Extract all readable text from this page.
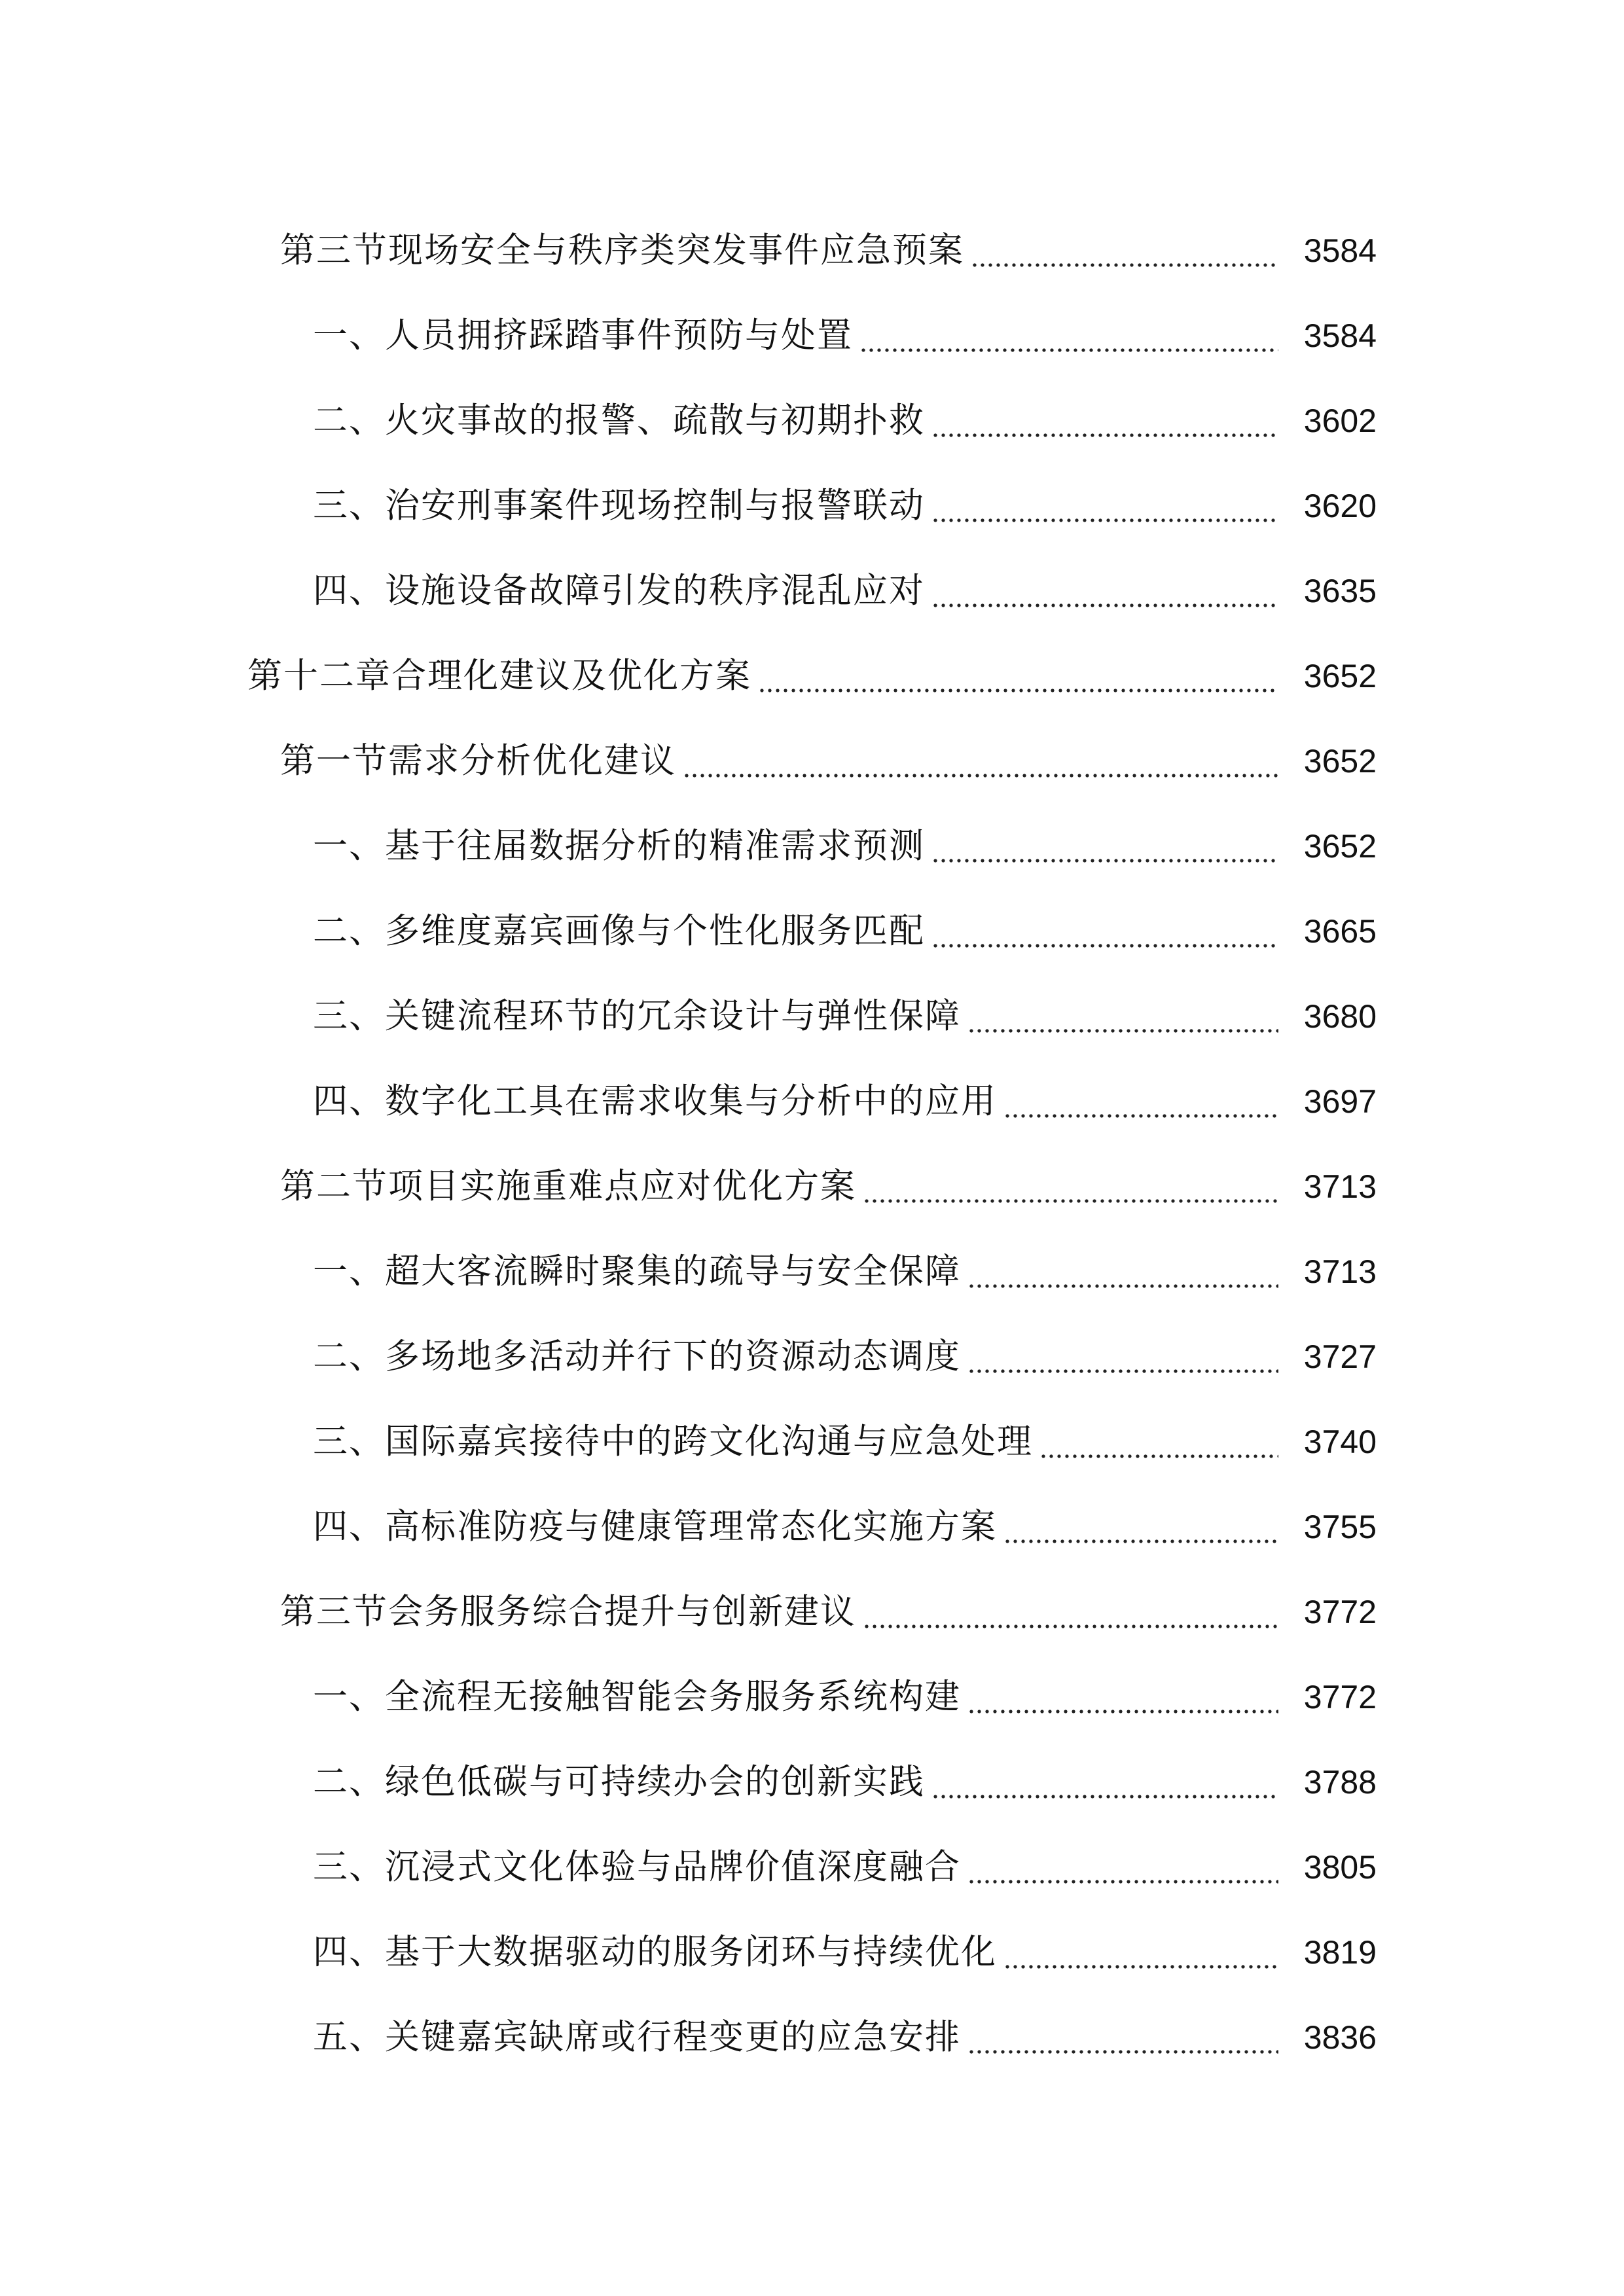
第三节现场安全与秩序类突发事件应急预案	3584
一、人员拥挤踩踏事件预防与处置	3584
二、火灾事故的报警、疏散与初期扑救	3602
三、治安刑事案件现场控制与报警联动	3620
四、设施设备故障引发的秩序混乱应对	3635
第十二章合理化建议及优化方案	3652
第一节需求分析优化建议	3652
一、基于往届数据分析的精准需求预测	3652
二、多维度嘉宾画像与个性化服务匹配	3665
三、关键流程环节的冗余设计与弹性保障	3680
四、数字化工具在需求收集与分析中的应用	3697
第二节项目实施重难点应对优化方案	3713
一、超大客流瞬时聚集的疏导与安全保障	3713
二、多场地多活动并行下的资源动态调度	3727
三、国际嘉宾接待中的跨文化沟通与应急处理	3740
四、高标准防疫与健康管理常态化实施方案	3755
第三节会务服务综合提升与创新建议	3772
一、全流程无接触智能会务服务系统构建	3772
二、绿色低碳与可持续办会的创新实践	3788
三、沉浸式文化体验与品牌价值深度融合	3805
四、基于大数据驱动的服务闭环与持续优化	3819
五、关键嘉宾缺席或行程变更的应急安排	3836
